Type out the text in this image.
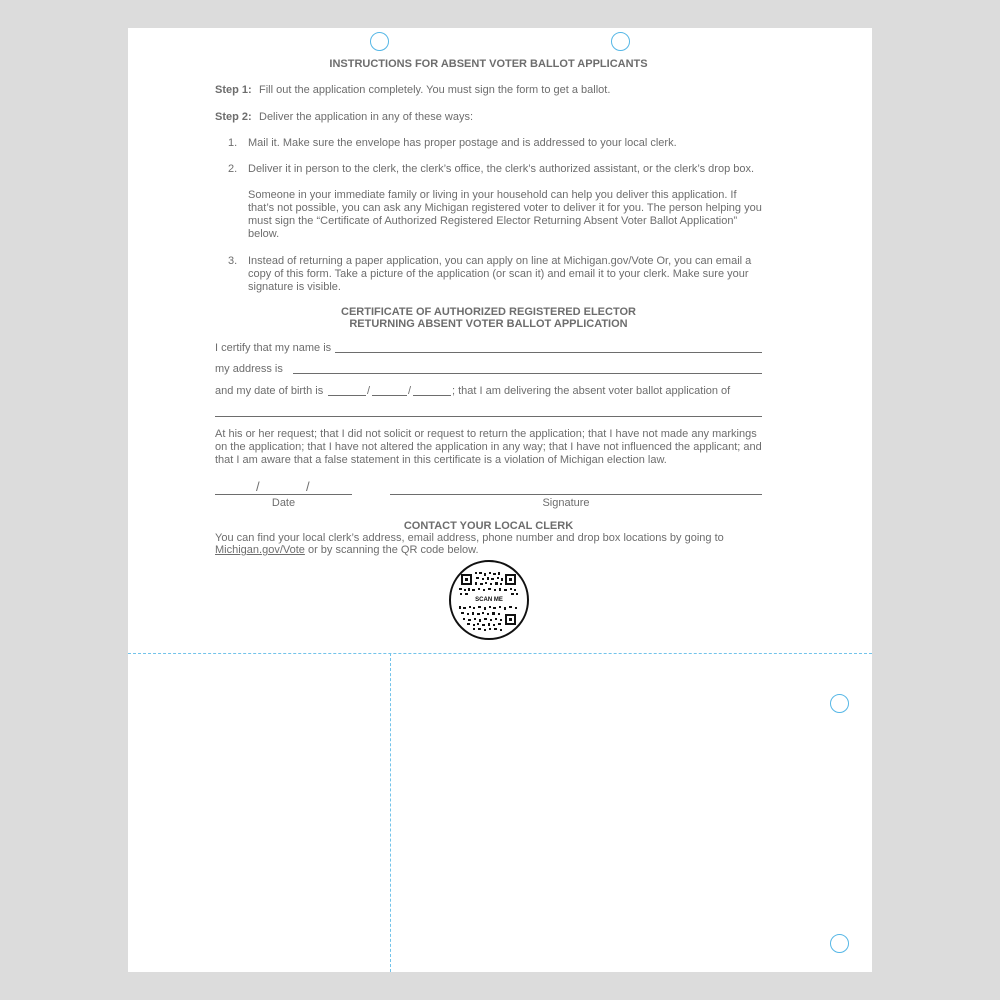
INSTRUCTIONS FOR ABSENT VOTER BALLOT APPLICANTS
Step 1: Fill out the application completely. You must sign the form to get a ballot.
Step 2: Deliver the application in any of these ways:
1. Mail it. Make sure the envelope has proper postage and is addressed to your local clerk.
2. Deliver it in person to the clerk, the clerk’s office, the clerk’s authorized assistant, or the clerk’s drop box.
Someone in your immediate family or living in your household can help you deliver this application. If that’s not possible, you can ask any Michigan registered voter to deliver it for you. The person helping you must sign the “Certificate of Authorized Registered Elector Returning Absent Voter Ballot Application” below.
3. Instead of returning a paper application, you can apply on line at Michigan.gov/Vote Or, you can email a copy of this form. Take a picture of the application (or scan it) and email it to your clerk. Make sure your signature is visible.
CERTIFICATE OF AUTHORIZED REGISTERED ELECTOR
RETURNING ABSENT VOTER BALLOT APPLICATION
I certify that my name is
my address is
and my date of birth is	/	/	; that I am delivering the absent voter ballot application of
At his or her request; that I did not solicit or request to return the application; that I have not made any markings on the application; that I have not altered the application in any way; that I have not influenced the applicant; and that I am aware that a false statement in this certificate is a violation of Michigan election law.
/	/
Date	Signature
CONTACT YOUR LOCAL CLERK
You can find your local clerk’s address, email address, phone number and drop box locations by going to
Michigan.gov/Vote or by scanning the QR code below.
SCAN ME
